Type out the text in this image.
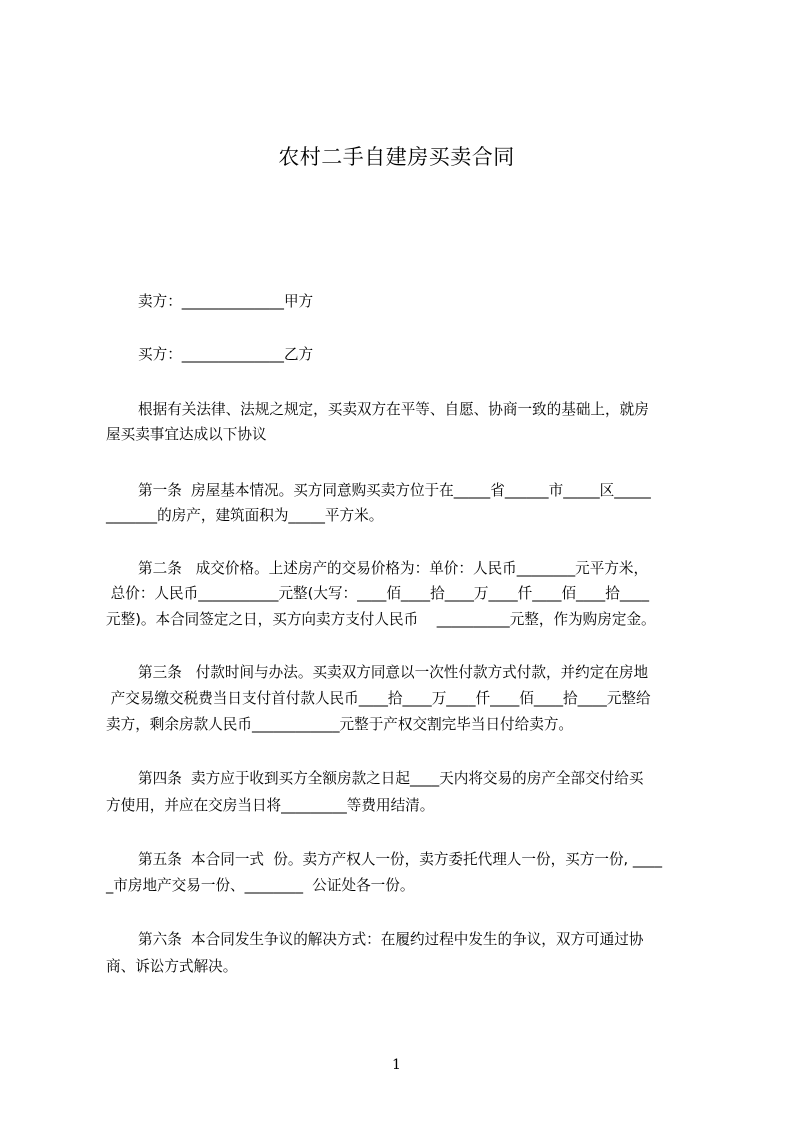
农村二手自建房买卖合同
卖方：______________甲方
买方：______________乙方
根据有关法律、法规之规定，买卖双方在平等、自愿、协商一致的基础上，就房
屋买卖事宜达成以下协议
第一条  房屋基本情况。买方同意购买卖方位于在_____省______市_____区_____
_______的房产，建筑面积为_____平方米。
第二条   成交价格。上述房产的交易价格为：单价：人民币________元平方米，
总价：人民币___________元整(大写：____佰____拾____万____仟____佰____拾____
元整)。本合同签定之日，买方向卖方支付人民币    __________元整，作为购房定金。
第三条   付款时间与办法。买卖双方同意以一次性付款方式付款，并约定在房地
产交易缴交税费当日支付首付款人民币____拾____万____仟____佰____拾____元整给
卖方，剩余房款人民币____________元整于产权交割完毕当日付给卖方。
第四条  卖方应于收到买方全额房款之日起____天内将交易的房产全部交付给买
方使用，并应在交房当日将_________等费用结清。
第五条  本合同一式  份。卖方产权人一份，卖方委托代理人一份，买方一份, ____
_市房地产交易一份、________  公证处各一份。
第六条  本合同发生争议的解决方式：在履约过程中发生的争议，双方可通过协
商、诉讼方式解决。
1
